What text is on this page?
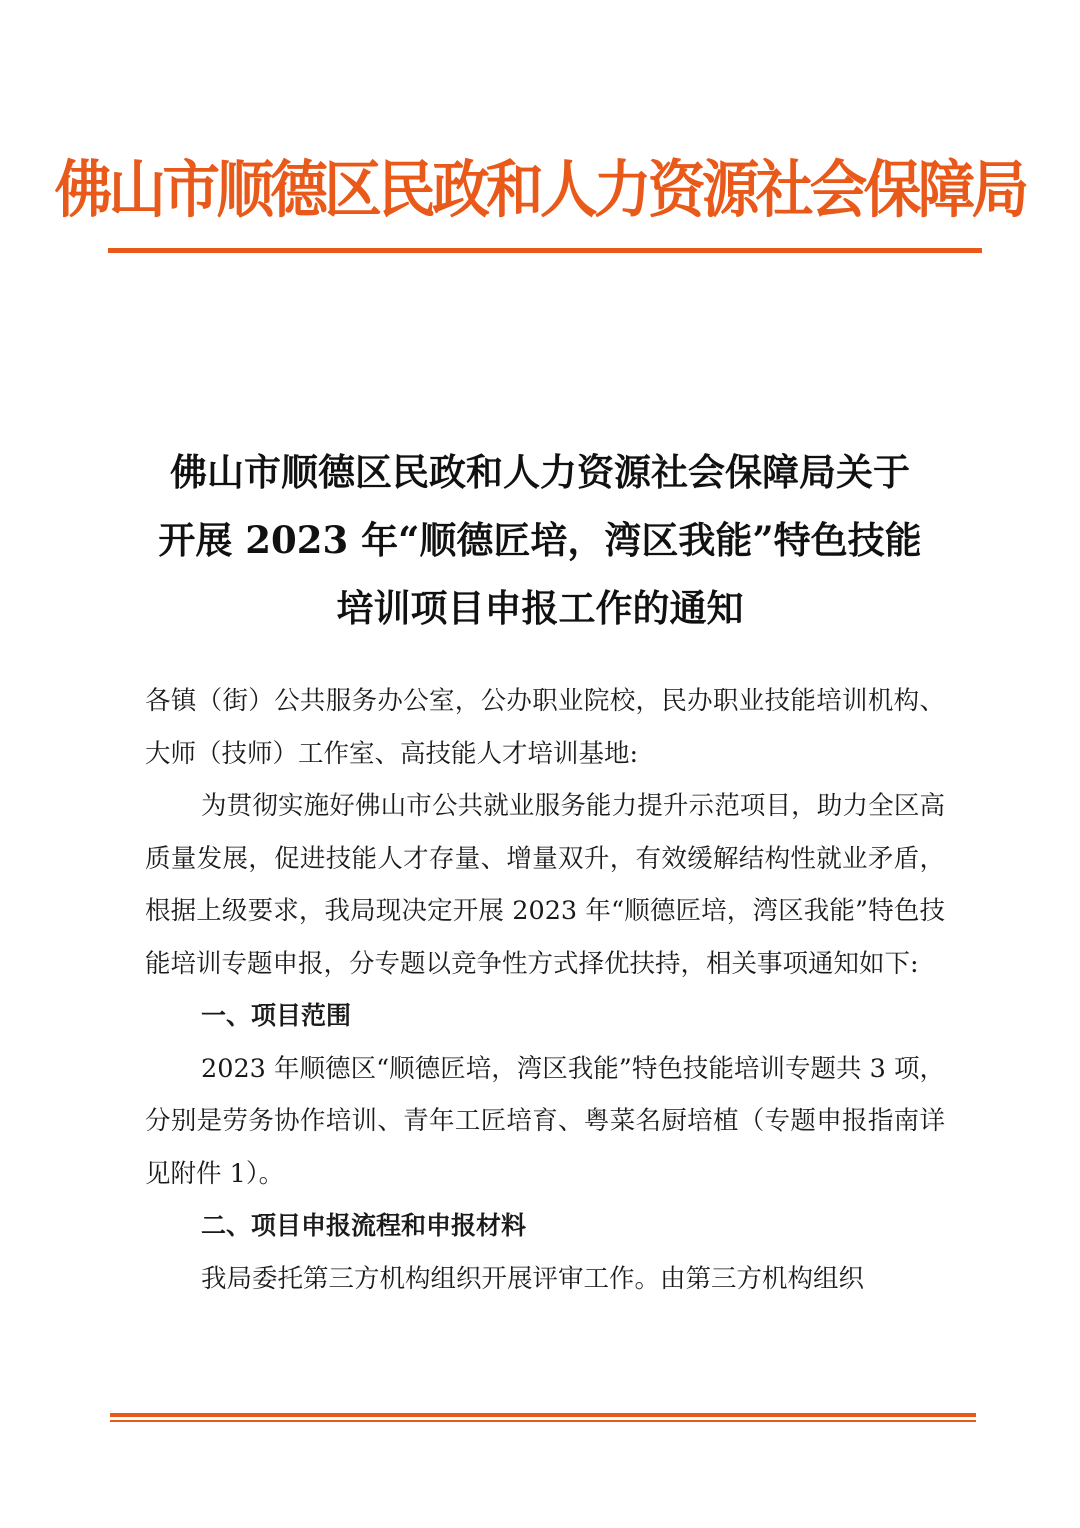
佛山市顺德区民政和人力资源社会保障局
佛山市顺德区民政和人力资源社会保障局关于
开展 2023 年“顺德匠培，湾区我能”特色技能
培训项目申报工作的通知

各镇（街）公共服务办公室，公办职业院校，民办职业技能培训机构、大师（技师）工作室、高技能人才培训基地:

为贯彻实施好佛山市公共就业服务能力提升示范项目，助力全区高质量发展，促进技能人才存量、增量双升，有效缓解结构性就业矛盾，根据上级要求，我局现决定开展 2023 年“顺德匠培，湾区我能”特色技能培训专题申报，分专题以竞争性方式择优扶持，相关事项通知如下:

一、项目范围

2023 年顺德区“顺德匠培，湾区我能”特色技能培训专题共 3 项，分别是劳务协作培训、青年工匠培育、粤菜名厨培植（专题申报指南详见附件 1）。

二、项目申报流程和申报材料

我局委托第三方机构组织开展评审工作。由第三方机构组织
